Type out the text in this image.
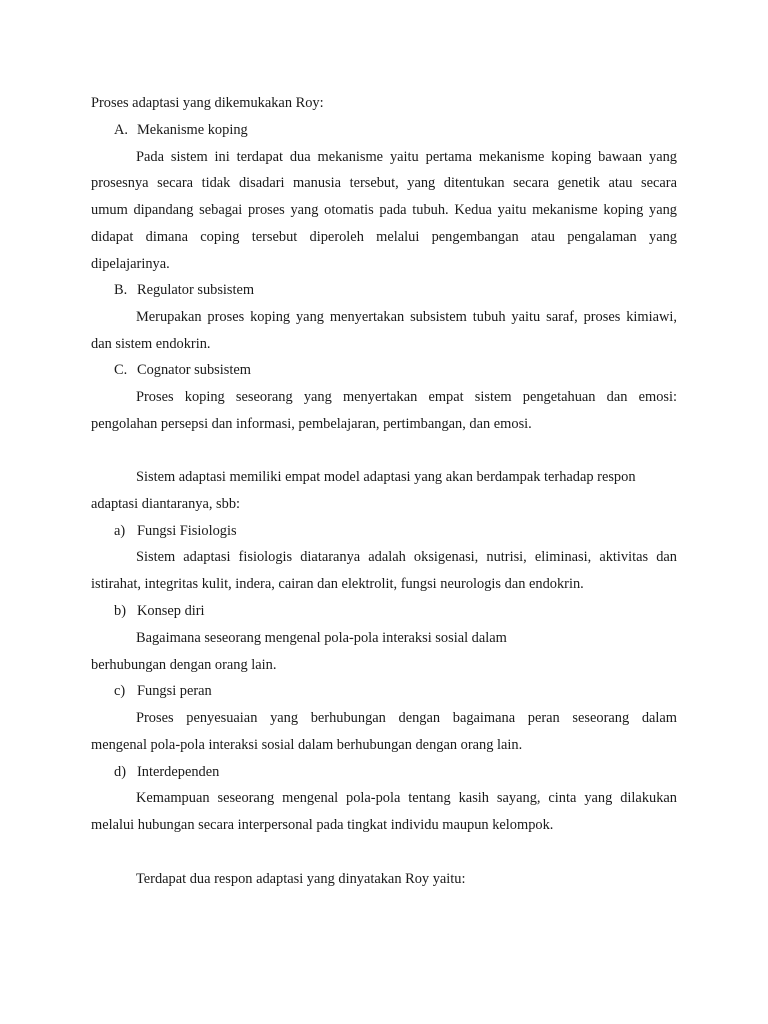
Proses adaptasi yang dikemukakan Roy:
A. Mekanisme koping
Pada sistem ini terdapat dua mekanisme yaitu pertama mekanisme koping bawaan yang
prosesnya secara tidak disadari manusia tersebut, yang ditentukan secara genetik atau secara
umum dipandang sebagai proses yang otomatis pada tubuh. Kedua yaitu mekanisme koping yang
didapat dimana coping tersebut diperoleh melalui pengembangan atau pengalaman yang
dipelajarinya.
B. Regulator subsistem
Merupakan proses koping yang menyertakan subsistem tubuh yaitu saraf, proses kimiawi,
dan sistem endokrin.
C. Cognator subsistem
Proses koping seseorang yang menyertakan empat sistem pengetahuan dan emosi:
pengolahan persepsi dan informasi, pembelajaran, pertimbangan, dan emosi.
Sistem adaptasi memiliki empat model adaptasi yang akan berdampak terhadap respon
adaptasi diantaranya, sbb:
a) Fungsi Fisiologis
Sistem adaptasi fisiologis diataranya adalah oksigenasi, nutrisi, eliminasi, aktivitas dan
istirahat, integritas kulit, indera, cairan dan elektrolit, fungsi neurologis dan endokrin.
b) Konsep diri
Bagaimana seseorang mengenal pola-pola interaksi sosial dalam
berhubungan dengan orang lain.
c) Fungsi peran
Proses penyesuaian yang berhubungan dengan bagaimana peran seseorang dalam
mengenal pola-pola interaksi sosial dalam berhubungan dengan orang lain.
d) Interdependen
Kemampuan seseorang mengenal pola-pola tentang kasih sayang, cinta yang dilakukan
melalui hubungan secara interpersonal pada tingkat individu maupun kelompok.
Terdapat dua respon adaptasi yang dinyatakan Roy yaitu:
